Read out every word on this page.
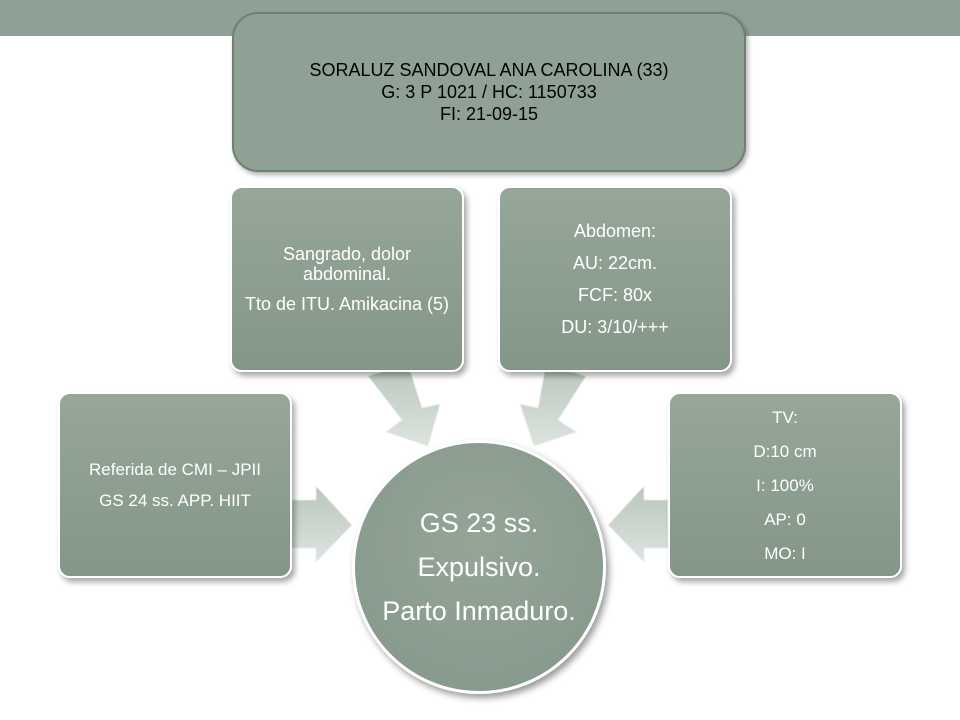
SORALUZ SANDOVAL ANA CAROLINA (33)

G: 3 P 1021 / HC: 1150733

FI: 21-09-15

Referida de CMI – JPII

GS 24 ss. APP. HIIT

Sangrado, dolor abdominal.

Tto de ITU. Amikacina (5)

Abdomen:

AU: 22cm.

FCF: 80x

DU: 3/10/+++

TV:

D:10 cm

I: 100%

AP: 0

MO: I

GS 23 ss.

Expulsivo.

Parto Inmaduro.
